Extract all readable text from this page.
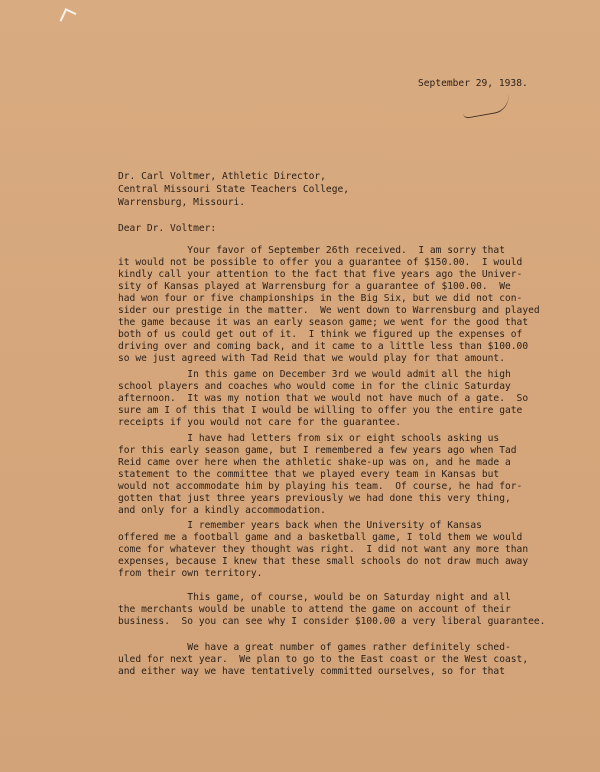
September 29, 1938.
Dr. Carl Voltmer, Athletic Director,
Central Missouri State Teachers College,
Warrensburg, Missouri.
Dear Dr. Voltmer:
Your favor of September 26th received.  I am sorry that
it would not be possible to offer you a guarantee of $150.00.  I would
kindly call your attention to the fact that five years ago the Univer-
sity of Kansas played at Warrensburg for a guarantee of $100.00.  We
had won four or five championships in the Big Six, but we did not con-
sider our prestige in the matter.  We went down to Warrensburg and played
the game because it was an early season game; we went for the good that
both of us could get out of it.  I think we figured up the expenses of
driving over and coming back, and it came to a little less than $100.00
so we just agreed with Tad Reid that we would play for that amount.
In this game on December 3rd we would admit all the high
school players and coaches who would come in for the clinic Saturday
afternoon.  It was my notion that we would not have much of a gate.  So
sure am I of this that I would be willing to offer you the entire gate
receipts if you would not care for the guarantee.
I have had letters from six or eight schools asking us
for this early season game, but I remembered a few years ago when Tad
Reid came over here when the athletic shake-up was on, and he made a
statement to the committee that we played every team in Kansas but
would not accommodate him by playing his team.  Of course, he had for-
gotten that just three years previously we had done this very thing,
and only for a kindly accommodation.
I remember years back when the University of Kansas
offered me a football game and a basketball game, I told them we would
come for whatever they thought was right.  I did not want any more than
expenses, because I knew that these small schools do not draw much away
from their own territory.
This game, of course, would be on Saturday night and all
the merchants would be unable to attend the game on account of their
business.  So you can see why I consider $100.00 a very liberal guarantee.
We have a great number of games rather definitely sched-
uled for next year.  We plan to go to the East coast or the West coast,
and either way we have tentatively committed ourselves, so for that
